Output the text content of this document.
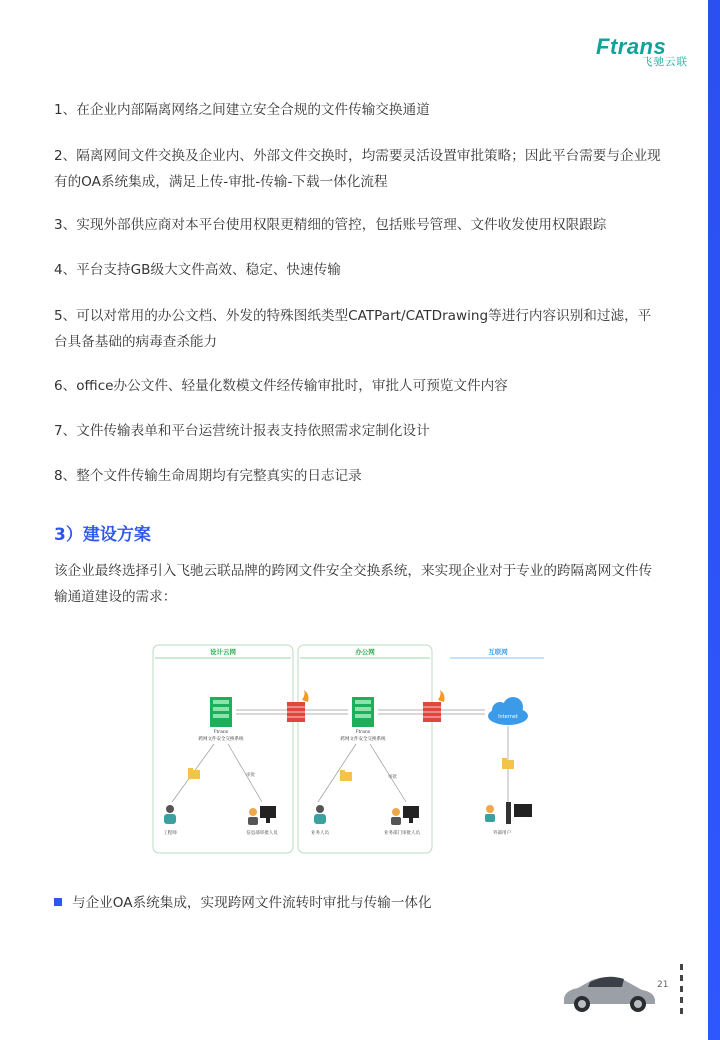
Ftrans
飞驰云联
1、在企业内部隔离网络之间建立安全合规的文件传输交换通道
2、隔离网间文件交换及企业内、外部文件交换时，均需要灵活设置审批策略；因此平台需要与企业现有的OA系统集成，满足上传-审批-传输-下载一体化流程
3、实现外部供应商对本平台使用权限更精细的管控，包括账号管理、文件收发使用权限跟踪
4、平台支持GB级大文件高效、稳定、快速传输
5、可以对常用的办公文档、外发的特殊图纸类型CATPart/CATDrawing等进行内容识别和过滤，平台具备基础的病毒查杀能力
6、office办公文件、轻量化数模文件经传输审批时，审批人可预览文件内容
7、文件传输表单和平台运营统计报表支持依照需求定制化设计
8、整个文件传输生命周期均有完整真实的日志记录
3）建设方案
该企业最终选择引入飞驰云联品牌的跨网文件安全交换系统，来实现企业对于专业的跨隔离网文件传输通道建设的需求：
设计云网	办公网	互联网
Ftrans
跨网文件安全交换系统
Ftrans
跨网文件安全交换系统
Internet
审批	审批
工程师	信息部审批人员	业务人员	业务部门审批人员	外部用户
与企业OA系统集成，实现跨网文件流转时审批与传输一体化
21
